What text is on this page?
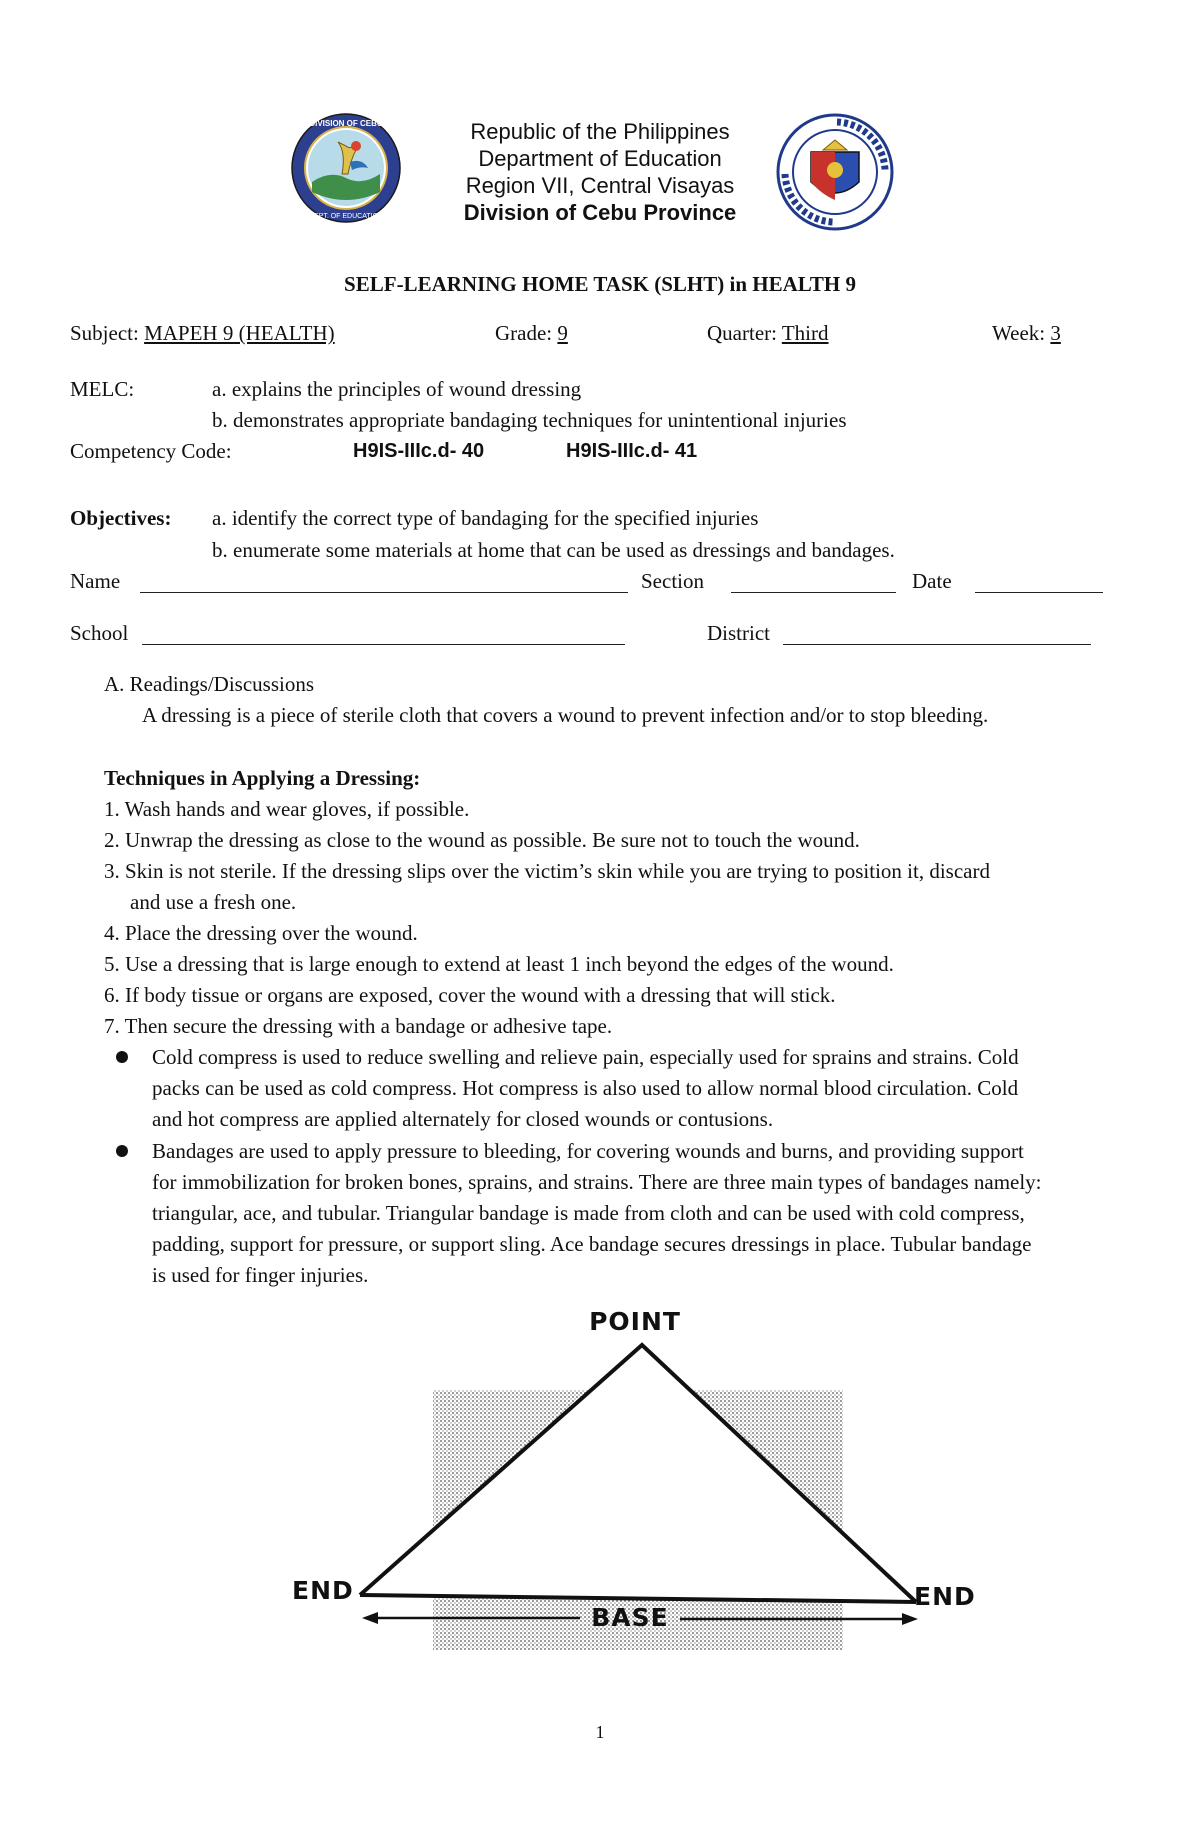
DIVISION OF CEBU
DEPT. OF EDUCATION
Republic of the Philippines
Department of Education
Region VII, Central Visayas
Division of Cebu Province
SELF-LEARNING HOME TASK (SLHT) in HEALTH 9
Subject: MAPEH 9 (HEALTH)	Grade: 9	Quarter: Third	Week: 3
MELC:	a. explains the principles of wound dressing
b. demonstrates appropriate bandaging techniques for unintentional injuries
Competency Code:	H9IS-IIIc.d- 40	H9IS-IIIc.d- 41
Objectives: a. identify the correct type of bandaging for the specified injuries
b. enumerate some materials at home that can be used as dressings and bandages.
Name	Section	Date
School	District
A. Readings/Discussions
A dressing is a piece of sterile cloth that covers a wound to prevent infection and/or to stop bleeding.
Techniques in Applying a Dressing:
1. Wash hands and wear gloves, if possible.
2. Unwrap the dressing as close to the wound as possible. Be sure not to touch the wound.
3. Skin is not sterile. If the dressing slips over the victim’s skin while you are trying to position it, discard
and use a fresh one.
4. Place the dressing over the wound.
5. Use a dressing that is large enough to extend at least 1 inch beyond the edges of the wound.
6. If body tissue or organs are exposed, cover the wound with a dressing that will stick.
7. Then secure the dressing with a bandage or adhesive tape.
Cold compress is used to reduce swelling and relieve pain, especially used for sprains and strains. Cold
packs can be used as cold compress. Hot compress is also used to allow normal blood circulation. Cold
and hot compress are applied alternately for closed wounds or contusions.
Bandages are used to apply pressure to bleeding, for covering wounds and burns, and providing support
for immobilization for broken bones, sprains, and strains. There are three main types of bandages namely:
triangular, ace, and tubular. Triangular bandage is made from cloth and can be used with cold compress,
padding, support for pressure, or support sling. Ace bandage secures dressings in place. Tubular bandage
is used for finger injuries.
POINT
END	END
BASE
1
